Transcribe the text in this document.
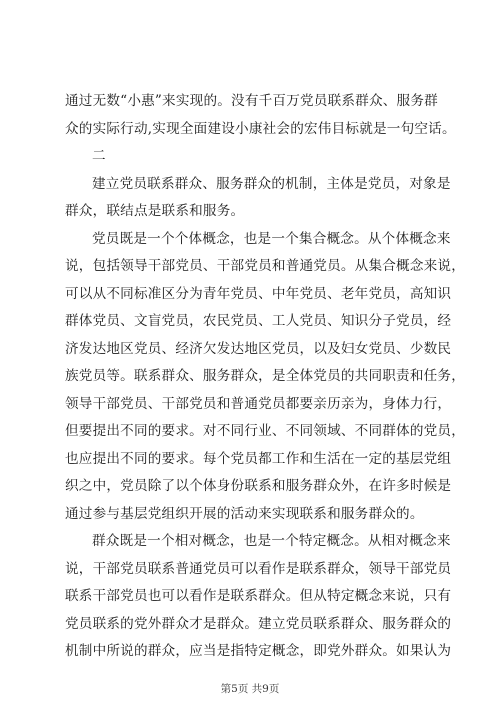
通过无数“小惠”来实现的。没有千百万党员联系群众、服务群
众的实际行动,实现全面建设小康社会的宏伟目标就是一句空话。
二
建立党员联系群众、服务群众的机制，主体是党员，对象是
群众，联结点是联系和服务。
党员既是一个个体概念，也是一个集合概念。从个体概念来
说，包括领导干部党员、干部党员和普通党员。从集合概念来说，
可以从不同标准区分为青年党员、中年党员、老年党员，高知识
群体党员、文盲党员，农民党员、工人党员、知识分子党员，经
济发达地区党员、经济欠发达地区党员，以及妇女党员、少数民
族党员等。联系群众、服务群众，是全体党员的共同职责和任务，
领导干部党员、干部党员和普通党员都要亲历亲为，身体力行，
但要提出不同的要求。对不同行业、不同领域、不同群体的党员，
也应提出不同的要求。每个党员都工作和生活在一定的基层党组
织之中，党员除了以个体身份联系和服务群众外，在许多时候是
通过参与基层党组织开展的活动来实现联系和服务群众的。
群众既是一个相对概念，也是一个特定概念。从相对概念来
说，干部党员联系普通党员可以看作是联系群众，领导干部党员
联系干部党员也可以看作是联系群众。但从特定概念来说，只有
党员联系的党外群众才是群众。建立党员联系群众、服务群众的
机制中所说的群众，应当是指特定概念，即党外群众。如果认为
第5页 共9页
